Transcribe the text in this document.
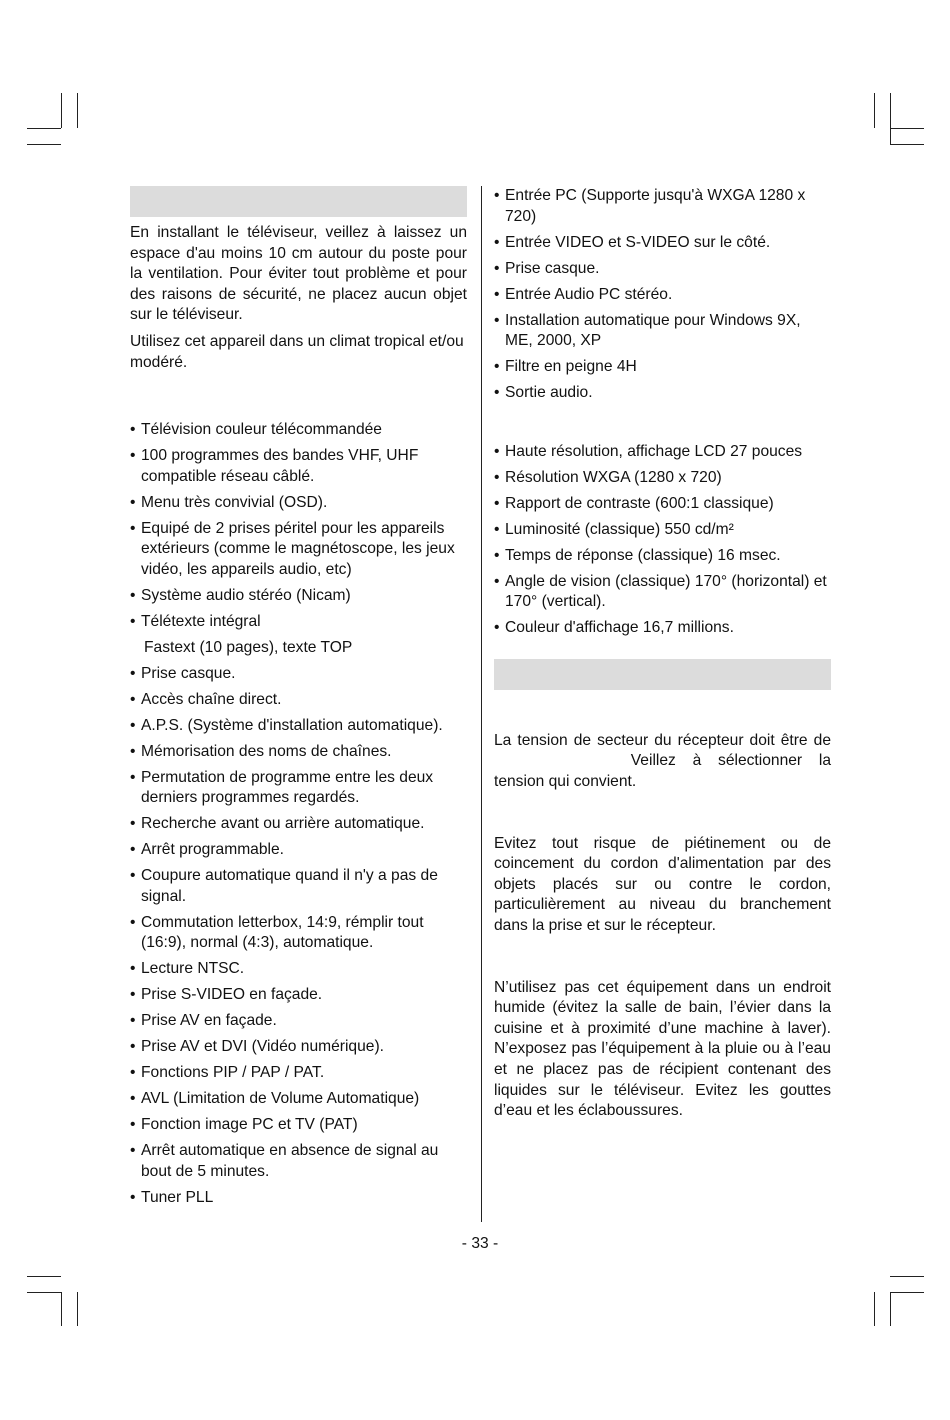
En installant le téléviseur, veillez à laissez un espace d'au moins 10 cm autour du poste pour la ventilation. Pour éviter tout problème et pour des raisons de sécurité, ne placez aucun objet sur le téléviseur.

Utilisez cet appareil dans un climat tropical et/ou modéré.

• Télévision couleur télécommandée
• 100 programmes des bandes VHF, UHF compatible réseau câblé.
• Menu très convivial (OSD).
• Equipé de 2 prises péritel pour les appareils extérieurs (comme le magnétoscope, les jeux vidéo, les appareils audio, etc)
• Système audio stéréo (Nicam)
• Télétexte intégral
Fastext (10 pages), texte TOP
• Prise casque.
• Accès chaîne direct.
• A.P.S. (Système d'installation automatique).
• Mémorisation des noms de chaînes.
• Permutation de programme entre les deux derniers programmes regardés.
• Recherche avant ou arrière automatique.
• Arrêt programmable.
• Coupure automatique quand il n'y a pas de signal.
• Commutation letterbox, 14:9, rémplir tout (16:9), normal (4:3), automatique.
• Lecture NTSC.
• Prise S-VIDEO en façade.
• Prise AV en façade.
• Prise AV et DVI (Vidéo numérique).
• Fonctions PIP / PAP / PAT.
• AVL (Limitation de Volume Automatique)
• Fonction image PC et TV (PAT)
• Arrêt automatique en absence de signal au bout de 5 minutes.
• Tuner PLL
• Entrée PC (Supporte jusqu'à WXGA 1280 x 720)
• Entrée VIDEO et S-VIDEO sur le côté.
• Prise casque.
• Entrée Audio PC stéréo.
• Installation automatique pour Windows 9X, ME, 2000, XP
• Filtre en peigne 4H
• Sortie audio.
• Haute résolution, affichage LCD 27 pouces
• Résolution WXGA (1280 x 720)
• Rapport de contraste (600:1 classique)
• Luminosité (classique) 550 cd/m²
• Temps de réponse (classique) 16 msec.
• Angle de vision (classique) 170° (horizontal) et 170° (vertical).
• Couleur d'affichage 16,7 millions.

La tension de secteur du récepteur doit être de  Veillez à sélectionner la tension qui convient.

Evitez tout risque de piétinement ou de coincement du cordon d'alimentation par des objets placés sur ou contre le cordon, particulièrement au niveau du branchement dans la prise et sur le récepteur.

N’utilisez pas cet équipement dans un endroit humide (évitez la salle de bain, l’évier dans la cuisine et à proximité d’une machine à laver). N’exposez pas l’équipement à la pluie ou à l’eau et ne placez pas de récipient contenant des liquides sur le téléviseur. Evitez les gouttes d’eau et les éclaboussures.

- 33 -
